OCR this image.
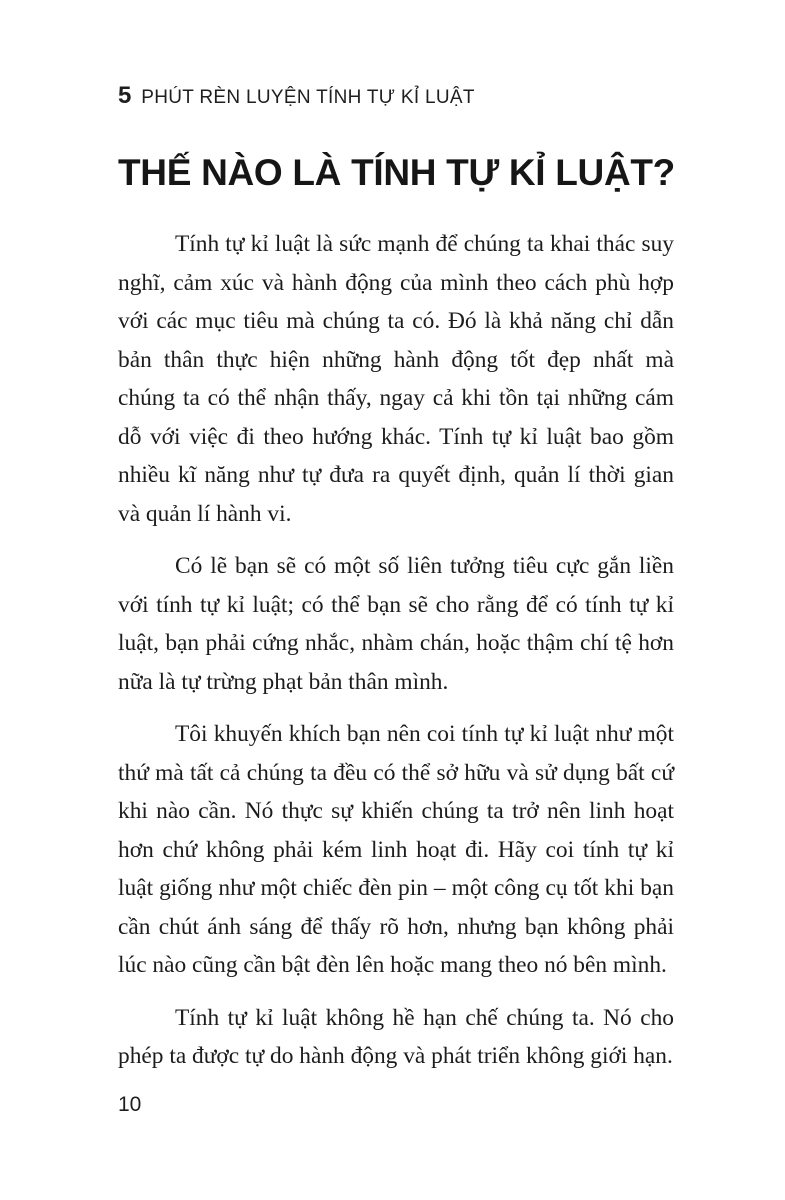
5 PHÚT RÈN LUYỆN TÍNH TỰ KỈ LUẬT
THẾ NÀO LÀ TÍNH TỰ KỈ LUẬT?

Tính tự kỉ luật là sức mạnh để chúng ta khai thác suy nghĩ, cảm xúc và hành động của mình theo cách phù hợp với các mục tiêu mà chúng ta có. Đó là khả năng chỉ dẫn bản thân thực hiện những hành động tốt đẹp nhất mà chúng ta có thể nhận thấy, ngay cả khi tồn tại những cám dỗ với việc đi theo hướng khác. Tính tự kỉ luật bao gồm nhiều kĩ năng như tự đưa ra quyết định, quản lí thời gian và quản lí hành vi.

Có lẽ bạn sẽ có một số liên tưởng tiêu cực gắn liền với tính tự kỉ luật; có thể bạn sẽ cho rằng để có tính tự kỉ luật, bạn phải cứng nhắc, nhàm chán, hoặc thậm chí tệ hơn nữa là tự trừng phạt bản thân mình.

Tôi khuyến khích bạn nên coi tính tự kỉ luật như một thứ mà tất cả chúng ta đều có thể sở hữu và sử dụng bất cứ khi nào cần. Nó thực sự khiến chúng ta trở nên linh hoạt hơn chứ không phải kém linh hoạt đi. Hãy coi tính tự kỉ luật giống như một chiếc đèn pin – một công cụ tốt khi bạn cần chút ánh sáng để thấy rõ hơn, nhưng bạn không phải lúc nào cũng cần bật đèn lên hoặc mang theo nó bên mình.

Tính tự kỉ luật không hề hạn chế chúng ta. Nó cho phép ta được tự do hành động và phát triển không giới hạn.

10
